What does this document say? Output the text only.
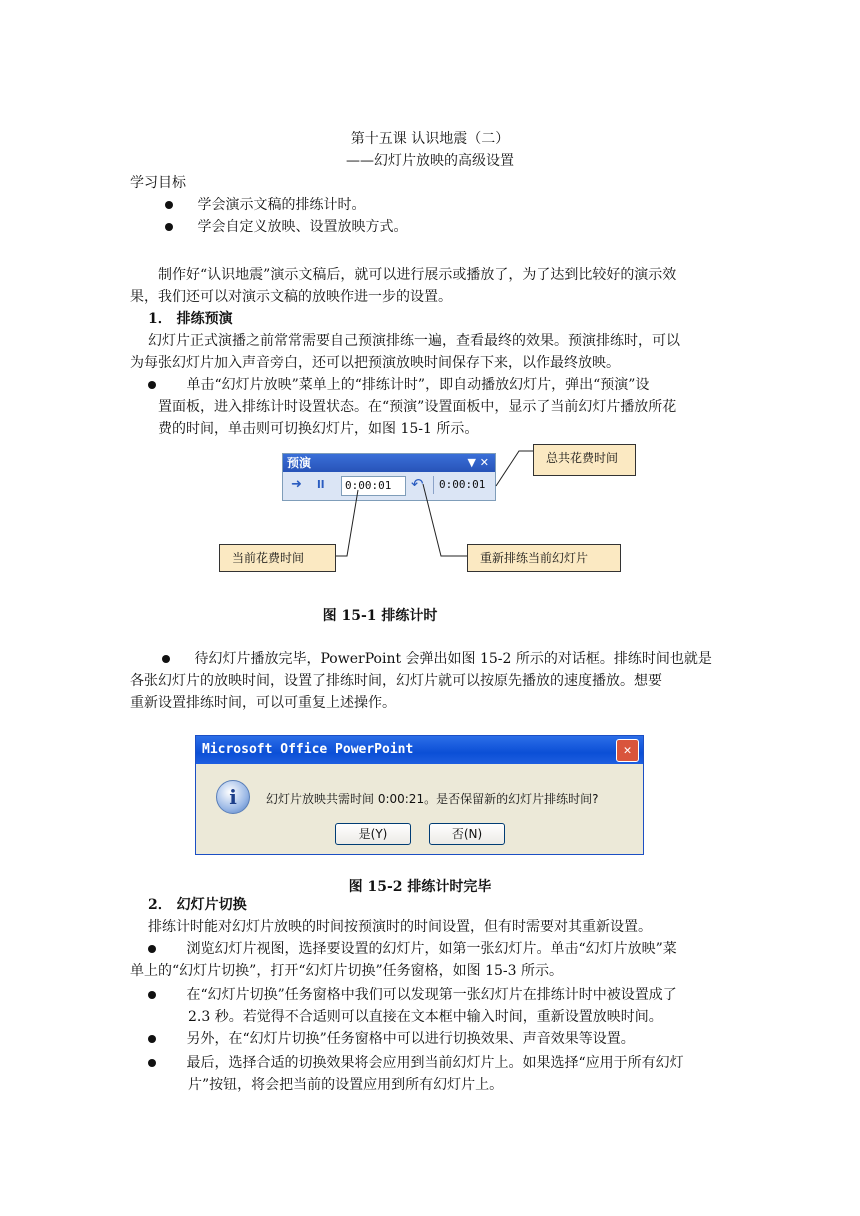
第十五课 认识地震（二）
——幻灯片放映的高级设置
学习目标
学会演示文稿的排练计时。
学会自定义放映、设置放映方式。
制作好“认识地震”演示文稿后，就可以进行展示或播放了，为了达到比较好的演示效
果，我们还可以对演示文稿的放映作进一步的设置。
1． 排练预演
幻灯片正式演播之前常常需要自己预演排练一遍，查看最终的效果。预演排练时，可以
为每张幻灯片加入声音旁白，还可以把预演放映时间保存下来，以作最终放映。
单击“幻灯片放映”菜单上的“排练计时”，即自动播放幻灯片，弹出“预演”设
置面板，进入排练计时设置状态。在“预演”设置面板中，显示了当前幻灯片播放所花
费的时间，单击则可切换幻灯片，如图 15-1 所示。
预演	▼ ✕
➜ ll	0:00:01	↶ 0:00:01
总共花费时间
当前花费时间	重新排练当前幻灯片
图 15-1 排练计时
待幻灯片播放完毕，PowerPoint 会弹出如图 15-2 所示的对话框。排练时间也就是
各张幻灯片的放映时间，设置了排练时间，幻灯片就可以按原先播放的速度播放。想要
重新设置排练时间，可以可重复上述操作。
Microsoft Office PowerPoint	✕
i	幻灯片放映共需时间 0:00:21。是否保留新的幻灯片排练时间?
是(Y)	否(N)
图 15-2 排练计时完毕
2． 幻灯片切换
排练计时能对幻灯片放映的时间按预演时的时间设置，但有时需要对其重新设置。
浏览幻灯片视图，选择要设置的幻灯片，如第一张幻灯片。单击“幻灯片放映”菜
单上的“幻灯片切换”，打开“幻灯片切换”任务窗格，如图 15-3 所示。
在“幻灯片切换”任务窗格中我们可以发现第一张幻灯片在排练计时中被设置成了
2.3 秒。若觉得不合适则可以直接在文本框中输入时间，重新设置放映时间。
另外，在“幻灯片切换”任务窗格中可以进行切换效果、声音效果等设置。
最后，选择合适的切换效果将会应用到当前幻灯片上。如果选择“应用于所有幻灯
片”按钮，将会把当前的设置应用到所有幻灯片上。
